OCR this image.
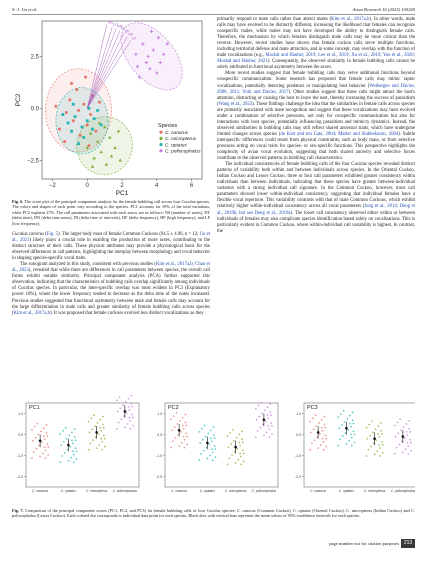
S.-J. Jin et al.	Avian Research 16 (2025) 100240
−2	0	2	4	6
−2.5
0.0
2.5
PC1
PC2
NS
DT
DN
DI
DF
HF
LF
Species
C. canorus
C. micropterus
C. optatus
C. poliocephalus
Fig. 6. The score plot of the principal component analysis for the female bubbling call across four Cuculus species. The colors and shapes of each point vary according to the species. PC1 accounts for 39% of the total variations, while PC2 explains 27%. The call parameters associated with each arrow are as follows: NS (number of notes), DT (delta time), DN (delta time notes), DI (delta time of intervals), DF (delta frequency), HF (high frequency), and LF (low frequency).

Cuculus canorus (Fig. 5). The larger body mast of female Common Cuckoos (94.5 ± 4.96, n = 12; Gu et al., 2021) likely plays a crucial role in enabling the production of more notes, contributing to the distinct structure of their calls. These physical attributes may provide a physiological basis for the observed differences in call patterns, highlighting the interplay between morphology and vocal behavior in shaping species-specific vocal traits.

The sonogram analyzed in this study, consistent with previous studies (Kim et al., 2017a,b; Chao et al., 2023), revealed that while there are differences in call parameters between species, the overall call forms exhibit notable similarity. Principal component analysis (PCA) further supported this observation, indicating that the characteristics of bubbling calls overlap significantly among individuals of Cuculus species. In particular, the inter-specific overlap was most evident in PC3 (Explanatory power 10%), where the lower frequency tended to decrease as the delta time of the notes increased. Previous studies suggested that functional asymmetry between male and female calls may account for the large differentiation in male calls and greater similarity of female bubbling calls across species (Kim et al., 2017a,b). It was proposed that female cuckoos evolved less distinct vocalizations as they

primarily respond to mate calls rather than attract mates (Kim et al., 2017a,b). In other words, male calls may have evolved to be distinctly different, increasing the likelihood that females can recognize conspecific males, while males may not have developed the ability to distinguish female calls. Therefore, the mechanism by which females distinguish male calls may be more critical than the reverse. However, recent studies have shown that female cuckoo calls serve multiple functions, including territorial defense and mate attraction, and in some concept, may overlap with the function of male vocalizations (e.g., Moskát and Hauber, 2019; Lee et al., 2019; Xu et al., 2019; Yoo et al., 2020; Moskát and Hauber, 2021). Consequently, the observed similarity in female bubbling calls cannot be solely attributed to functional asymmetry between the sexes.

More recent studies suggest that female bubbling calls may serve additional functions beyond conspecific communication. Some research has proposed that female calls may mimic raptor vocalizations, potentially deterring predators or manipulating host behavior (Welbergen and Davies, 2008, 2011; York and Davies, 2017). Other studies suggest that these calls might attract the host's attention, distracting or causing the host to leave the nest, thereby increasing the success of parasitism (Wang et al., 2023). These findings challenge the idea that the similarities in female calls across species are primarily associated with mate recognition and suggest that these vocalizations may have evolved under a combination of selective pressures, not only for conspecific communication but also for interactions with host species, potentially influencing parasitism and mimicry dynamics. Instead, the observed similarities in bubbling calls may still reflect shared ancestral traits, which have undergone limited changes across species (de Kort and ten Cate, 2004; Marler and Slabbekoorn, 2004). Subtle interspecific differences could result from physical constraints, such as body mass, or from selective pressures acting on vocal traits for species- or sex-specific functions. This perspective highlights the complexity of avian vocal evolution, suggesting that both shared ancestry and selective forces contribute to the observed patterns in bubbling call characteristics.

The individual consistencies of female bubbling calls of the four Cuculus species revealed distinct patterns of variability both within and between individuals across species. In the Oriental Cuckoo, Indian Cuckoo and Lesser Cuckoo, three or four call parameters exhibited greater consistency within individuals than between individuals, indicating that these species have greater between-individual variation with a strong individual call signature. In the Common Cuckoo, however, most call parameters showed lower within-individual consistency, suggesting that individual females have a flexible vocal repertoire. This variability contrasts with that of male Common Cuckoos, which exhibit relatively higher within-individual consistency across all vocal parameters (Jung et al., 2014; Deng et al., 2019b, but see Deng et al., 2019a). The lower call consistency observed either within or between individuals of females may also complicate species identification based solely on vocalizations. This is particularly evident in Common Cuckoo, where within-individual call variability is highest. In contrast, the

PC1
1.0
0.0
-1.0
-2.0
C. canorus	C. optatus	C. micropterus C. poliocephalus
PC2
1.0
0.0
-1.0
-2.0
C. canorus	C. optatus	C. micropterus C. poliocephalus
PC3
1.0
0.0
-1.0
-2.0
C. canorus	C. optatus	C. micropterus C. poliocephalus
Fig. 7. Comparison of the principal component scores (PC1, PC2, and PC3) for female bubbling calls of four Cuculus species: C. canorus (Common Cuckoo), C. optatus (Oriental Cuckoo), C. micropterus (Indian Cuckoo) and C. poliocephalus (Lesser Cuckoo). Each colored dot corresponds to individual data point for each species. Black dots with vertical bars represent the mean values of 95% confidence intervals for each species.
page number not for citation purposes 213
